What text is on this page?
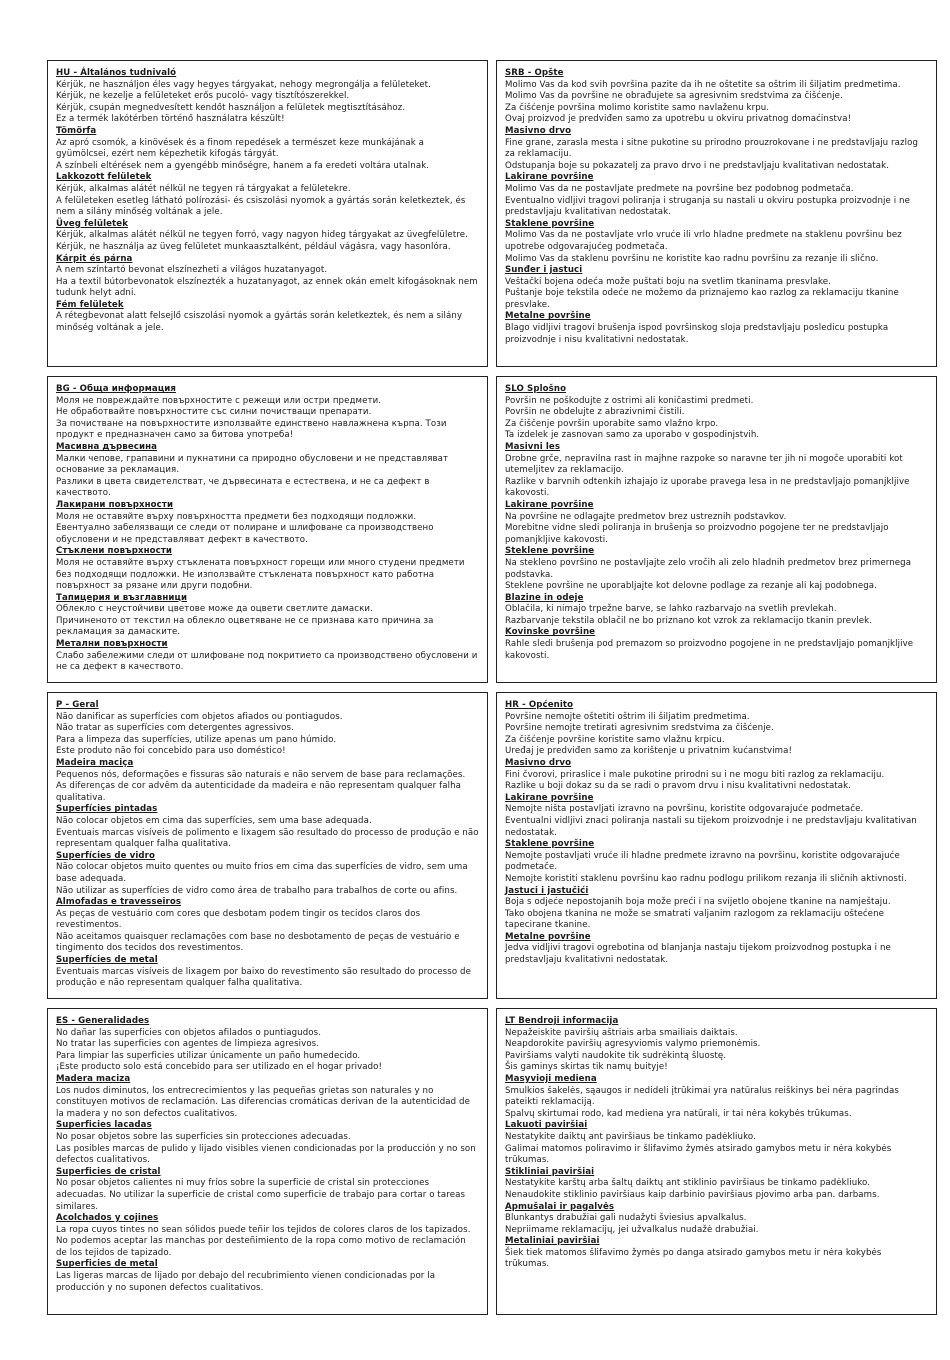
HU - Általános tudnivaló

Kérjük, ne használjon éles vagy hegyes tárgyakat, nehogy megrongálja a felületeket.

Kérjük, ne kezelje a felületeket erős pucoló- vagy tisztítószerekkel.

Kérjük, csupán megnedvesített kendőt használjon a felületek megtisztításához.

Ez a termék lakótérben történő használatra készült!

Tömörfa

Az apró csomók, a kinövések és a finom repedések a természet keze munkájának a gyümölcsei, ezért nem képezhetik kifogás tárgyát.

A színbeli eltérések nem a gyengébb minőségre, hanem a fa eredeti voltára utalnak.

Lakkozott felületek

Kérjük, alkalmas alátét nélkül ne tegyen rá tárgyakat a felületekre.

A felületeken esetleg látható polírozási- és csiszolási nyomok a gyártás során keletkeztek, és nem a silány minőség voltának a jele.

Üveg felületek

Kérjük, alkalmas alátét nélkül ne tegyen forró, vagy nagyon hideg tárgyakat az üvegfelületre.

Kérjük, ne használja az üveg felületet munkaasztalként, például vágásra, vagy hasonlóra.

Kárpit és párna

A nem színtartó bevonat elszínezheti a világos huzatanyagot.

Ha a textil bútorbevonatok elszínezték a huzatanyagot, az ennek okán emelt kifogásoknak nem tudunk helyt adni.

Fém felületek

A rétegbevonat alatt felsejlő csiszolási nyomok a gyártás során keletkeztek, és nem a silány minőség voltának a jele.

SRB - Opšte

Molimo Vas da kod svih površina pazite da ih ne oštetite sa oštrim ili šiljatim predmetima.

Molimo Vas da površine ne obrađujete sa agresivnim sredstvima za čišćenje.

Za čišćenje površina molimo koristite samo navlaženu krpu.

Ovaj proizvod je predviđen samo za upotrebu u okviru privatnog domaćinstva!

Masivno drvo

Fine grane, zarasla mesta i sitne pukotine su prirodno prouzrokovane i ne predstavljaju razlog za reklamaciju.

Odstupanja boje su pokazatelj za pravo drvo i ne predstavljaju kvalitativan nedostatak.

Lakirane površine

Molimo Vas da ne postavljate predmete na površine bez podobnog podmetača.

Eventualno vidljivi tragovi poliranja i struganja su nastali u okviru postupka proizvodnje i ne predstavljaju kvalitativan nedostatak.

Staklene površine

Molimo Vas da ne postavljate vrlo vruće ili vrlo hladne predmete na staklenu površinu bez upotrebe odgovarajućeg podmetača.

Molimo Vas da staklenu površinu ne koristite kao radnu površinu za rezanje ili slično.

Sunđer i jastuci

Veštački bojena odeća može puštati boju na svetlim tkaninama presvlake.

Puštanje boje tekstila odeće ne možemo da priznajemo kao razlog za reklamaciju tkanine presvlake.

Metalne površine

Blago vidljivi tragovi brušenja ispod površinskog sloja predstavljaju posledicu postupka proizvodnje i nisu kvalitativni nedostatak.

BG - Обща информация

Моля не повреждайте повърхностите с режещи или остри предмети.

Не обработвайте повърхностите със силни почистващи препарати.

За почистване на повърхностите използвайте единствено навлажнена кърпа. Този продукт е предназначен само за битова употреба!

Масивна дървесина

Малки чепове, грапавини и пукнатини са природно обусловени и не представляват основание за рекламация.

Разлики в цвета свидетелстват, че дървесината е естествена, и не са дефект в качеството.

Лакирани повърхности

Моля не оставяйте върху повърхността предмети без подходящи подложки.

Евентуално забелязващи се следи от полиране и шлифоване са производствено обусловени и не представляват дефект в качеството.

Стъклени повърхности

Моля не оставяйте върху стъклената повърхност горещи или много студени предмети без подходящи подложки. Не използвайте стъклената повърхност като работна повърхност за рязане или други подобни.

Тапицерия и възглавници

Облекло с неустойчиви цветове може да оцвети светлите дамаски.

Причиненото от текстил на облекло оцветяване не се признава като причина за рекламация за дамаските.

Метални повърхности

Слабо забележими следи от шлифоване под покритието са производствено обусловени и не са дефект в качеството.

SLO Splošno

Površin ne poškodujte z ostrimi ali koničastimi predmeti.

Površin ne obdelujte z abrazivnimi čistili.

Za čiščenje površin uporabite samo vlažno krpo.

Ta izdelek je zasnovan samo za uporabo v gospodinjstvih.

Masivni les

Drobne grče, nepravilna rast in majhne razpoke so naravne ter jih ni mogoče uporabiti kot utemeljitev za reklamacijo.

Razlike v barvnih odtenkih izhajajo iz uporabe pravega lesa in ne predstavljajo pomanjkljive kakovosti.

Lakirane površine

Na površine ne odlagajte predmetov brez ustreznih podstavkov.

Morebitne vidne sledi poliranja in brušenja so proizvodno pogojene ter ne predstavljajo pomanjkljive kakovosti.

Steklene površine

Na stekleno površino ne postavljajte zelo vročih ali zelo hladnih predmetov brez primernega podstavka.

Steklene površine ne uporabljajte kot delovne podlage za rezanje ali kaj podobnega.

Blazine in odeje

Oblačila, ki nimajo trpežne barve, se lahko razbarvajo na svetlih prevlekah.

Razbarvanje tekstila oblačil ne bo priznano kot vzrok za reklamacijo tkanin prevlek.

Kovinske površine

Rahle sledi brušenja pod premazom so proizvodno pogojene in ne predstavljajo pomanjkljive kakovosti.

P - Geral

Não danificar as superfícies com objetos afiados ou pontiagudos.

Não tratar as superfícies com detergentes agressivos.

Para a limpeza das superfícies, utilize apenas um pano húmido.

Este produto não foi concebido para uso doméstico!

Madeira maciça

Pequenos nós, deformações e fissuras são naturais e não servem de base para reclamações.

As diferenças de cor advêm da autenticidade da madeira e não representam qualquer falha qualitativa.

Superfícies pintadas

Não colocar objetos em cima das superfícies, sem uma base adequada.

Eventuais marcas visíveis de polimento e lixagem são resultado do processo de produção e não representam qualquer falha qualitativa.

Superfícies de vidro

Não colocar objetos muito quentes ou muito frios em cima das superfícies de vidro, sem uma base adequada.

Não utilizar as superfícies de vidro como área de trabalho para trabalhos de corte ou afins.

Almofadas e travesseiros

As peças de vestuário com cores que desbotam podem tingir os tecidos claros dos revestimentos.

Não aceitamos quaisquer reclamações com base no desbotamento de peças de vestuário e tingimento dos tecidos dos revestimentos.

Superfícies de metal

Eventuais marcas visíveis de lixagem por baixo do revestimento são resultado do processo de produção e não representam qualquer falha qualitativa.

HR - Općenito

Površine nemojte oštetiti oštrim ili šiljatim predmetima.

Površine nemojte tretirati agresivnim sredstvima za čišćenje.

Za čišćenje površine koristite samo vlažnu krpicu.

Uređaj je predviđen samo za korištenje u privatnim kućanstvima!

Masivno drvo

Fini čvorovi, priraslice i male pukotine prirodni su i ne mogu biti razlog za reklamaciju.

Razlike u boji dokaz su da se radi o pravom drvu i nisu kvalitativni nedostatak.

Lakirane površine

Nemojte ništa postavljati izravno na površinu, koristite odgovarajuće podmetače.

Eventualni vidljivi znaci poliranja nastali su tijekom proizvodnje i ne predstavljaju kvalitativan nedostatak.

Staklene površine

Nemojte postavljati vruće ili hladne predmete izravno na površinu, koristite odgovarajuće podmetače.

Nemojte koristiti staklenu površinu kao radnu podlogu prilikom rezanja ili sličnih aktivnosti.

Jastuci i jastučići

Boja s odjeće nepostojanih boja može preći i na svijetlo obojene tkanine na namještaju.

Tako obojena tkanina ne može se smatrati valjanim razlogom za reklamaciju oštećene tapecirane tkanine.

Metalne površine

Jedva vidljivi tragovi ogrebotina od blanjanja nastaju tijekom proizvodnog postupka i ne predstavljaju kvalitativni nedostatak.

ES - Generalidades

No dañar las superficies con objetos afilados o puntiagudos.

No tratar las superficies con agentes de limpieza agresivos.

Para limpiar las superficies utilizar únicamente un paño humedecido.

¡Este producto solo está concebido para ser utilizado en el hogar privado!

Madera maciza

Los nudos diminutos, los entrecrecimientos y las pequeñas grietas son naturales y no constituyen motivos de reclamación. Las diferencias cromáticas derivan de la autenticidad de la madera y no son defectos cualitativos.

Superficies lacadas

No posar objetos sobre las superficies sin protecciones adecuadas.

Las posibles marcas de pulido y lijado visibles vienen condicionadas por la producción y no son defectos cualitativos.

Superficies de cristal

No posar objetos calientes ni muy fríos sobre la superficie de cristal sin protecciones adecuadas. No utilizar la superficie de cristal como superficie de trabajo para cortar o tareas similares.

Acolchados y cojines

La ropa cuyos tintes no sean sólidos puede teñir los tejidos de colores claros de los tapizados.

No podemos aceptar las manchas por desteñimiento de la ropa como motivo de reclamación de los tejidos de tapizado.

Superficies de metal

Las ligeras marcas de lijado por debajo del recubrimiento vienen condicionadas por la producción y no suponen defectos cualitativos.

LT Bendroji informacija

Nepažeiskite paviršių aštriais arba smailiais daiktais.

Neapdorokite paviršių agresyviomis valymo priemonėmis.

Paviršiams valyti naudokite tik sudrėkintą šluostę.

Šis gaminys skirtas tik namų buityje!

Masyvioji mediena

Smulkios šakelės, sąaugos ir nedideli įtrūkimai yra natūralus reiškinys bei nėra pagrindas pateikti reklamaciją.

Spalvų skirtumai rodo, kad mediena yra natūrali, ir tai nėra kokybės trūkumas.

Lakuoti paviršiai

Nestatykite daiktų ant paviršiaus be tinkamo padėkliuko.

Galimai matomos poliravimo ir šlifavimo žymės atsirado gamybos metu ir nėra kokybės trūkumas.

Stikliniai paviršiai

Nestatykite karštų arba šaltų daiktų ant stiklinio paviršiaus be tinkamo padėkliuko.

Nenaudokite stiklinio paviršiaus kaip darbinio paviršiaus pjovimo arba pan. darbams.

Apmušalai ir pagalvės

Blunkantys drabužiai gali nudažyti šviesius apvalkalus.

Nepriimame reklamacijų, jei užvalkalus nudažė drabužiai.

Metaliniai paviršiai

Šiek tiek matomos šlifavimo žymės po danga atsirado gamybos metu ir nėra kokybės trūkumas.
